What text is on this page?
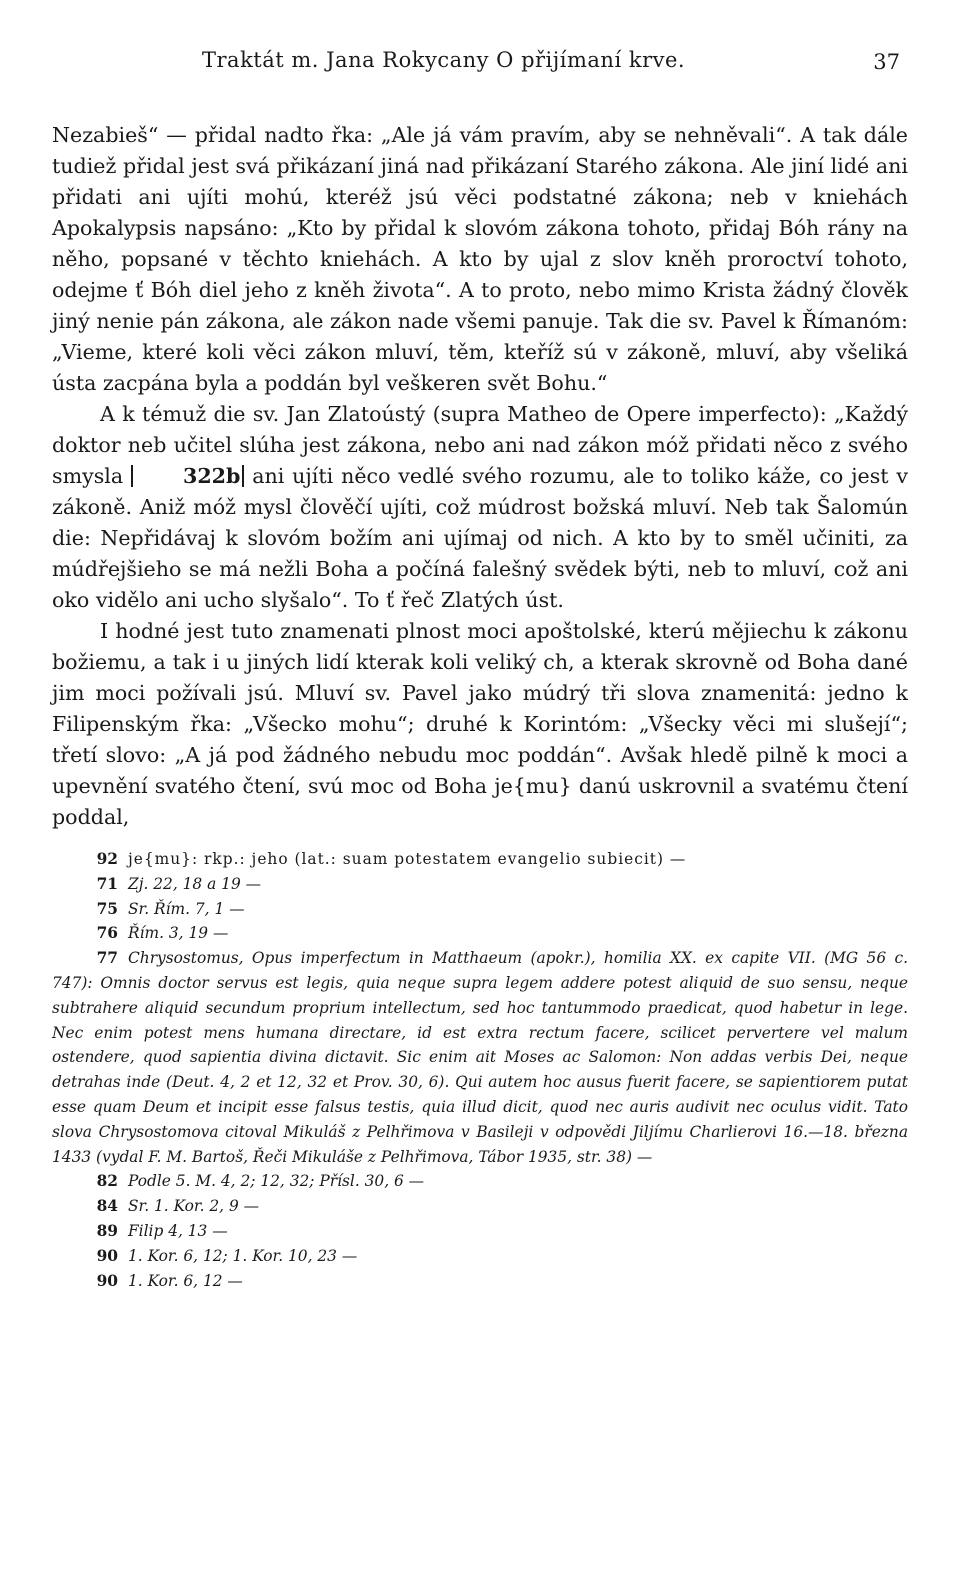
Traktát m. Jana Rokycany O přijímaní krve.	37

Nezabieš“ — přidal nadto řka: „Ale já vám pravím, aby se nehněvali“. A tak dále tudiež přidal jest svá přikázaní jiná nad přikázaní Starého zákona. Ale jiní lidé ani přidati ani ujíti mohú, kteréž jsú věci podstatné zákona; neb v kniehách Apokalypsis napsáno: „Kto by přidal k slovóm zákona tohoto, přidaj Bóh rány na něho, popsané v těchto kniehách. A kto by ujal z slov kněh proroctví tohoto, odejme ť Bóh diel jeho z kněh života“. A to proto, nebo mimo Krista žádný člověk jiný nenie pán zákona, ale zákon nade všemi panuje. Tak die sv. Pavel k Římanóm: „Vieme, které koli věci zákon mluví, těm, kteříž sú v zákoně, mluví, aby všeliká ústa zacpána byla a poddán byl veškeren svět Bohu.“

A k témuž die sv. Jan Zlatoústý (supra Matheo de Opere imperfecto): „Každý doktor neb učitel slúha jest zákona, nebo ani nad zákon móž přidati něco z svého smysla	322b ani ujíti něco vedlé svého rozumu, ale to toliko káže, co jest v zákoně. Aniž móž mysl člověčí ujíti, což múdrost božská mluví. Neb tak Šalomún die: Nepřidávaj k slovóm božím ani ujímaj od nich. A kto by to směl učiniti, za múdřejšieho se má nežli Boha a počíná falešný svědek býti, neb to mluví, což ani oko vidělo ani ucho slyšalo“. To ť řeč Zlatých úst.

I hodné jest tuto znamenati plnost moci apoštolské, kterú mějiechu k zákonu božiemu, a tak i u jiných lidí kterak koli veliký ch, a kterak skrovně od Boha dané jim moci požívali jsú. Mluví sv. Pavel jako múdrý tři slova znamenitá: jedno k Filipenským řka: „Všecko mohu“; druhé k Korintóm: „Všecky věci mi slušejí“; třetí slovo: „A já pod žádného nebudu moc poddán“. Avšak hledě pilně k moci a upevnění svatého čtení, svú moc od Boha je{mu} danú uskrovnil a svatému čtení poddal,

92 je{mu}: rkp.: jeho (lat.: suam potestatem evangelio subiecit) —

71 Zj. 22, 18 a 19 —

75 Sr. Řím. 7, 1 —

76 Řím. 3, 19 —

77 Chrysostomus, Opus imperfectum in Matthaeum (apokr.), homilia XX. ex capite VII. (MG 56 c. 747): Omnis doctor servus est legis, quia neque supra legem addere potest aliquid de suo sensu, neque subtrahere aliquid secundum proprium intellectum, sed hoc tantummodo praedicat, quod habetur in lege. Nec enim potest mens humana directare, id est extra rectum facere, scilicet pervertere vel malum ostendere, quod sapientia divina dictavit. Sic enim ait Moses ac Salomon: Non addas verbis Dei, neque detrahas inde (Deut. 4, 2 et 12, 32 et Prov. 30, 6). Qui autem hoc ausus fuerit facere, se sapientiorem putat esse quam Deum et incipit esse falsus testis, quia illud dicit, quod nec auris audivit nec oculus vidit. Tato slova Chrysostomova citoval Mikuláš z Pelhřimova v Basileji v odpovědi Jiljímu Charlierovi 16.—18. března 1433 (vydal F. M. Bartoš, Řeči Mikuláše z Pelhřimova, Tábor 1935, str. 38) —

82 Podle 5. M. 4, 2; 12, 32; Přísl. 30, 6 —

84 Sr. 1. Kor. 2, 9 —

89 Filip 4, 13 —

90 1. Kor. 6, 12; 1. Kor. 10, 23 —

90 1. Kor. 6, 12 —
